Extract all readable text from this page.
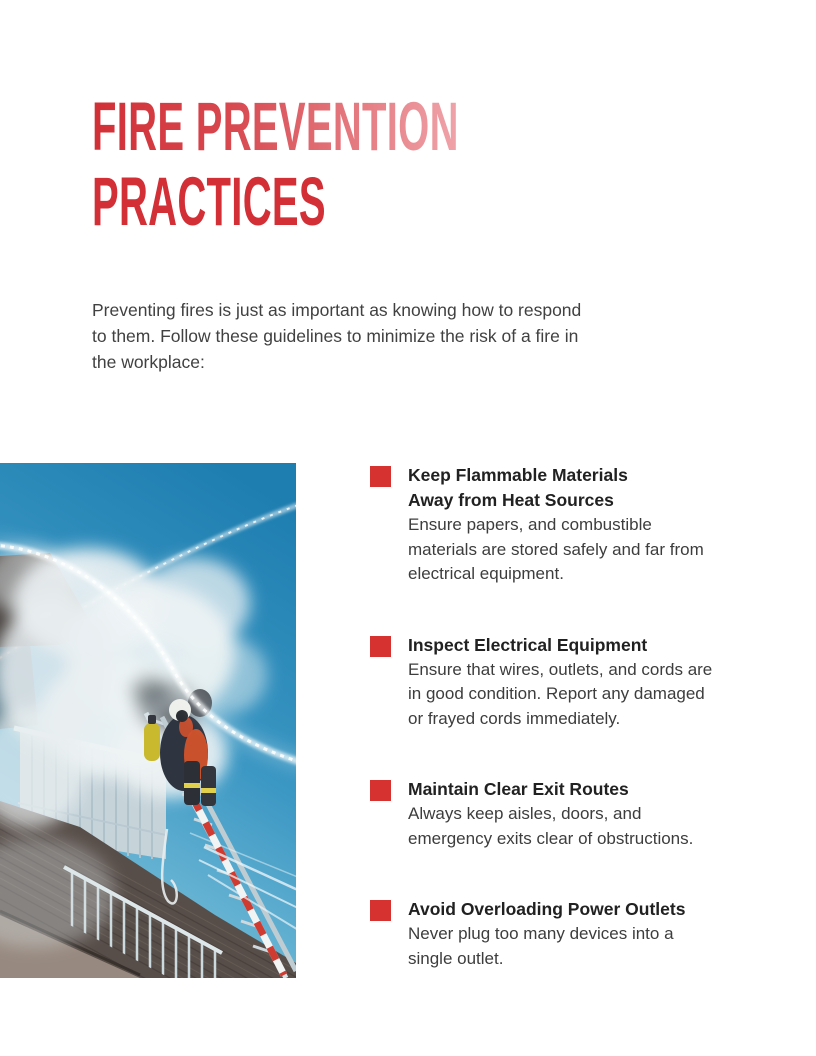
FIRE PREVENTION
PRACTICES

Preventing fires is just as important as knowing how to respond
to them. Follow these guidelines to minimize the risk of a fire in
the workplace:

Keep Flammable Materials
Away from Heat Sources

Ensure papers, and combustible
materials are stored safely and far from
electrical equipment.

Inspect Electrical Equipment

Ensure that wires, outlets, and cords are
in good condition. Report any damaged
or frayed cords immediately.

Maintain Clear Exit Routes

Always keep aisles, doors, and
emergency exits clear of obstructions.

Avoid Overloading Power Outlets

Never plug too many devices into a
single outlet.
